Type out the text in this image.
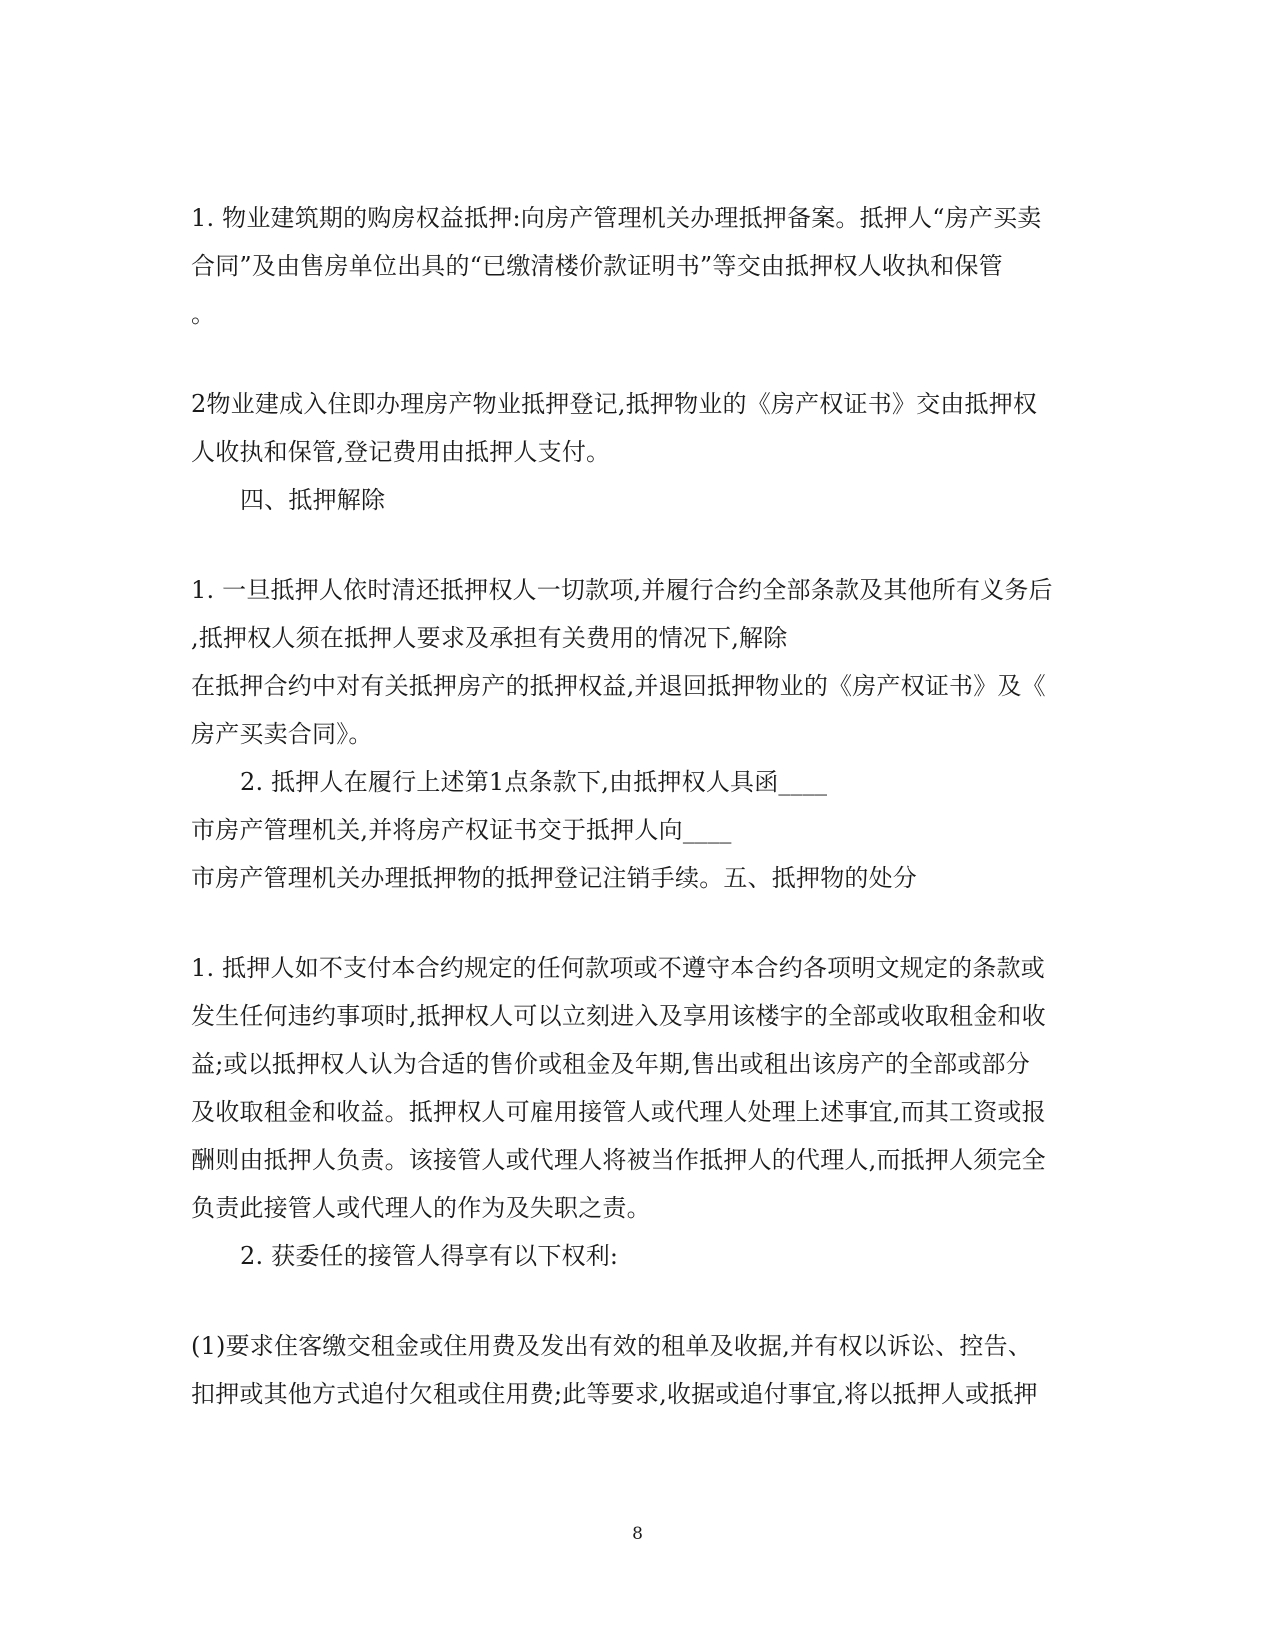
1. 物业建筑期的购房权益抵押:向房产管理机关办理抵押备案。抵押人“房产买卖
合同”及由售房单位出具的“已缴清楼价款证明书”等交由抵押权人收执和保管
。
2物业建成入住即办理房产物业抵押登记,抵押物业的《房产权证书》交由抵押权
人收执和保管,登记费用由抵押人支付。
四、抵押解除
1. 一旦抵押人依时清还抵押权人一切款项,并履行合约全部条款及其他所有义务后
,抵押权人须在抵押人要求及承担有关费用的情况下,解除
在抵押合约中对有关抵押房产的抵押权益,并退回抵押物业的《房产权证书》及《
房产买卖合同》。
2. 抵押人在履行上述第1点条款下,由抵押权人具函____
市房产管理机关,并将房产权证书交于抵押人向____
市房产管理机关办理抵押物的抵押登记注销手续。五、抵押物的处分
1. 抵押人如不支付本合约规定的任何款项或不遵守本合约各项明文规定的条款或
发生任何违约事项时,抵押权人可以立刻进入及享用该楼宇的全部或收取租金和收
益;或以抵押权人认为合适的售价或租金及年期,售出或租出该房产的全部或部分
及收取租金和收益。抵押权人可雇用接管人或代理人处理上述事宜,而其工资或报
酬则由抵押人负责。该接管人或代理人将被当作抵押人的代理人,而抵押人须完全
负责此接管人或代理人的作为及失职之责。
2. 获委任的接管人得享有以下权利:
(1)要求住客缴交租金或住用费及发出有效的租单及收据,并有权以诉讼、控告、
扣押或其他方式追付欠租或住用费;此等要求,收据或追付事宜,将以抵押人或抵押
8
